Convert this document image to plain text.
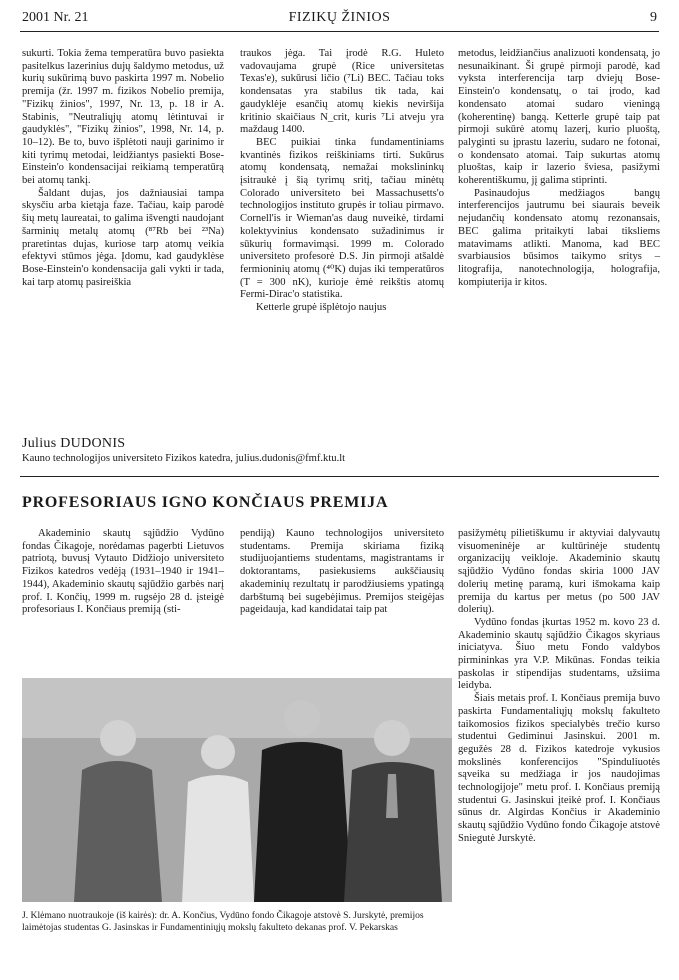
2001 Nr. 21	FIZIKŲ ŽINIOS	9

sukurti. Tokia žema temperatūra buvo pasiekta pasitelkus lazerinius dujų šaldymo metodus, už kurių sukūrimą buvo paskirta 1997 m. Nobelio premija (žr. 1997 m. fizikos Nobelio premija, "Fizikų žinios", 1997, Nr. 13, p. 18 ir A. Stabinis, "Neutraliųjų atomų lėtintuvai ir gaudyklės", "Fizikų žinios", 1998, Nr. 14, p. 10–12). Be to, buvo išplėtoti nauji garinimo ir kiti tyrimų metodai, leidžiantys pasiekti Bose-Einstein'o kondensacijai reikiamą temperatūrą bei atomų tankį.

Šaldant dujas, jos dažniausiai tampa skysčiu arba kietąja faze. Tačiau, kaip parodė šių metų laureatai, to galima išvengti naudojant šarminių metalų atomų (⁸⁷Rb bei ²³Na) praretintas dujas, kuriose tarp atomų veikia efektyvi stūmos jėga. Įdomu, kad gaudyklėse Bose-Einstein'o kondensacija gali vykti ir tada, kai tarp atomų pasireiškia

traukos jėga. Tai įrodė R.G. Huleto vadovaujama grupė (Rice universitetas Texas'e), sukūrusi ličio (⁷Li) BEC. Tačiau toks kondensatas yra stabilus tik tada, kai gaudyklėje esančių atomų kiekis neviršija kritinio skaičiaus N_crit, kuris ⁷Li atveju yra maždaug 1400.

BEC puikiai tinka fundamentiniams kvantinės fizikos reiškiniams tirti. Sukūrus atomų kondensatą, nemažai mokslininkų įsitraukė į šią tyrimų sritį, tačiau minėtų Colorado universiteto bei Massachusetts'o technologijos instituto grupės ir toliau pirmavo. Cornell'is ir Wieman'as daug nuveikė, tirdami kolektyvinius kondensato sužadinimus ir sūkurių formavimąsi. 1999 m. Colorado universiteto profesorė D.S. Jin pirmoji atšaldė fermioninių atomų (⁴⁰K) dujas iki temperatūros (T = 300 nK), kurioje ėmė reikštis atomų Fermi-Dirac'o statistika.

Ketterle grupė išplėtojo naujus

metodus, leidžiančius analizuoti kondensatą, jo nesunaikinant. Ši grupė pirmoji parodė, kad vyksta interferencija tarp dviejų Bose-Einstein'o kondensatų, o tai įrodo, kad kondensato atomai sudaro vieningą (koherentinę) bangą. Ketterle grupė taip pat pirmoji sukūrė atomų lazerį, kurio pluoštą, palyginti su įprastu lazeriu, sudaro ne fotonai, o kondensato atomai. Taip sukurtas atomų pluoštas, kaip ir lazerio šviesa, pasižymi koherentiškumu, jį galima stiprinti.

Pasinaudojus medžiagos bangų interferencijos jautrumu bei siaurais beveik nejudančių kondensato atomų rezonansais, BEC galima pritaikyti labai tiksliems matavimams atlikti. Manoma, kad BEC svarbiausios būsimos taikymo sritys – litografija, nanotechnologija, holografija, kompiuterija ir kitos.

Julius DUDONIS
Kauno technologijos universiteto Fizikos katedra, julius.dudonis@fmf.ktu.lt
PROFESORIAUS IGNO KONČIAUS PREMIJA

Akademinio skautų sąjūdžio Vydūno fondas Čikagoje, norėdamas pagerbti Lietuvos patriotą, buvusį Vytauto Didžiojo universiteto Fizikos katedros vedėją (1931–1940 ir 1941–1944), Akademinio skautų sąjūdžio garbės narį prof. I. Končių, 1999 m. rugsėjo 28 d. įsteigė profesoriaus I. Končiaus premiją (sti-

pendiją) Kauno technologijos universiteto studentams. Premija skiriama fiziką studijuojantiems studentams, magistrantams ir doktorantams, pasiekusiems aukščiausių akademinių rezultatų ir parodžiusiems ypatingą darbštumą bei sugebėjimus. Premijos steigėjas pageidauja, kad kandidatai taip pat

pasižymėtų pilietiškumu ir aktyviai dalyvautų visuomeninėje ar kultūrinėje studentų organizacijų veikloje. Akademinio skautų sąjūdžio Vydūno fondas skiria 1000 JAV dolerių metinę paramą, kuri išmokama kaip premija du kartus per metus (po 500 JAV dolerių).

Vydūno fondas įkurtas 1952 m. kovo 23 d. Akademinio skautų sąjūdžio Čikagos skyriaus iniciatyva. Šiuo metu Fondo valdybos pirmininkas yra V.P. Mikūnas. Fondas teikia paskolas ir stipendijas studentams, užsiima leidyba.

Šiais metais prof. I. Končiaus premija buvo paskirta Fundamentaliųjų mokslų fakulteto taikomosios fizikos specialybės trečio kurso studentui Gediminui Jasinskui. 2001 m. gegužės 28 d. Fizikos katedroje vykusios mokslinės konferencijos "Spinduliuotės sąveika su medžiaga ir jos naudojimas technologijoje" metu prof. I. Končiaus premiją studentui G. Jasinskui įteikė prof. I. Končiaus sūnus dr. Algirdas Končius ir Akademinio skautų sąjūdžio Vydūno fondo Čikagoje atstovė Sniegutė Jurskytė.

J. Klėmano nuotraukoje (iš kairės): dr. A. Končius, Vydūno fondo Čikagoje atstovė S. Jurskytė, premijos laimėtojas studentas G. Jasinskas ir Fundamentiniųjų mokslų fakulteto dekanas prof. V. Pekarskas
